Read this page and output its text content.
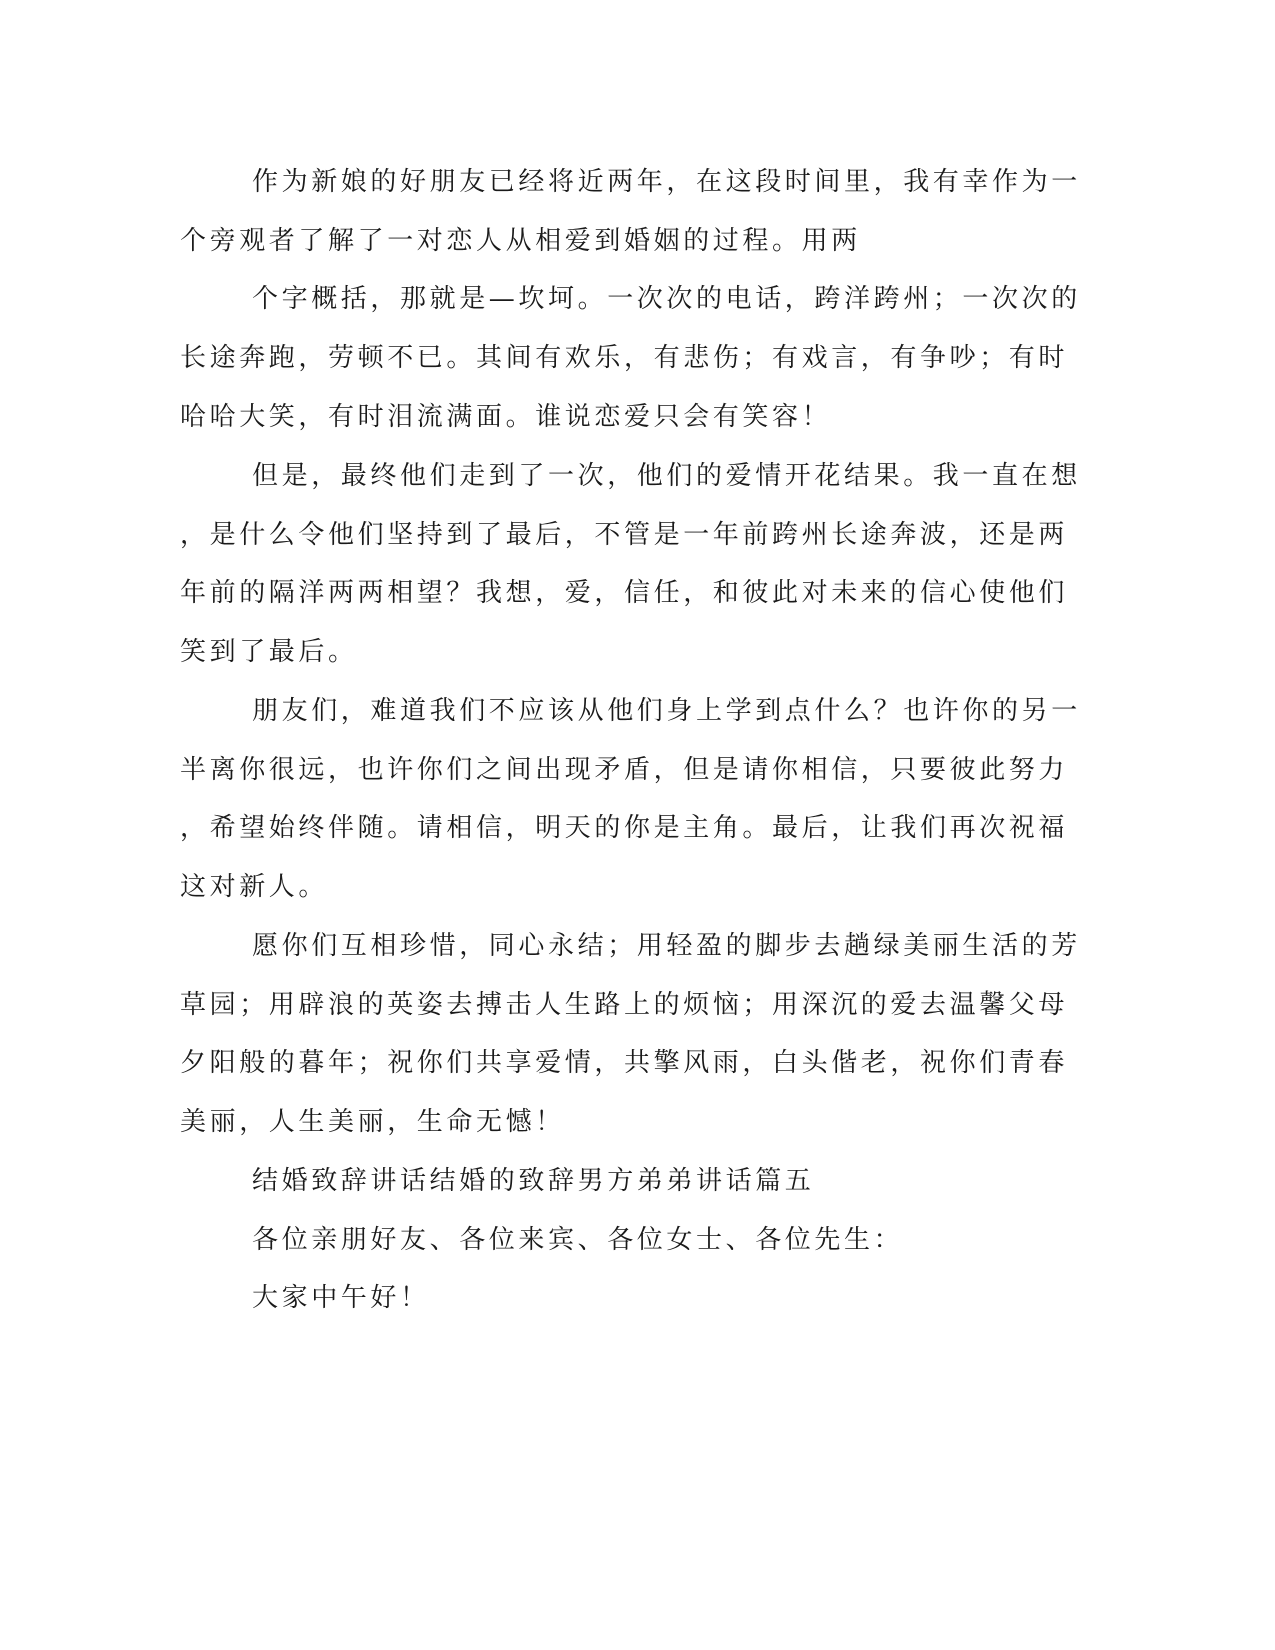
作为新娘的好朋友已经将近两年，在这段时间里，我有幸作为一

个旁观者了解了一对恋人从相爱到婚姻的过程。用两

个字概括，那就是—坎坷。一次次的电话，跨洋跨州；一次次的

长途奔跑，劳顿不已。其间有欢乐，有悲伤；有戏言，有争吵；有时

哈哈大笑，有时泪流满面。谁说恋爱只会有笑容！

但是，最终他们走到了一次，他们的爱情开花结果。我一直在想

，是什么令他们坚持到了最后，不管是一年前跨州长途奔波，还是两

年前的隔洋两两相望？我想，爱，信任，和彼此对未来的信心使他们

笑到了最后。

朋友们，难道我们不应该从他们身上学到点什么？也许你的另一

半离你很远，也许你们之间出现矛盾，但是请你相信，只要彼此努力

，希望始终伴随。请相信，明天的你是主角。最后，让我们再次祝福

这对新人。

愿你们互相珍惜，同心永结；用轻盈的脚步去趟绿美丽生活的芳

草园；用辟浪的英姿去搏击人生路上的烦恼；用深沉的爱去温馨父母

夕阳般的暮年；祝你们共享爱情，共擎风雨，白头偕老，祝你们青春

美丽，人生美丽，生命无憾！

结婚致辞讲话结婚的致辞男方弟弟讲话篇五

各位亲朋好友、各位来宾、各位女士、各位先生：

大家中午好！
